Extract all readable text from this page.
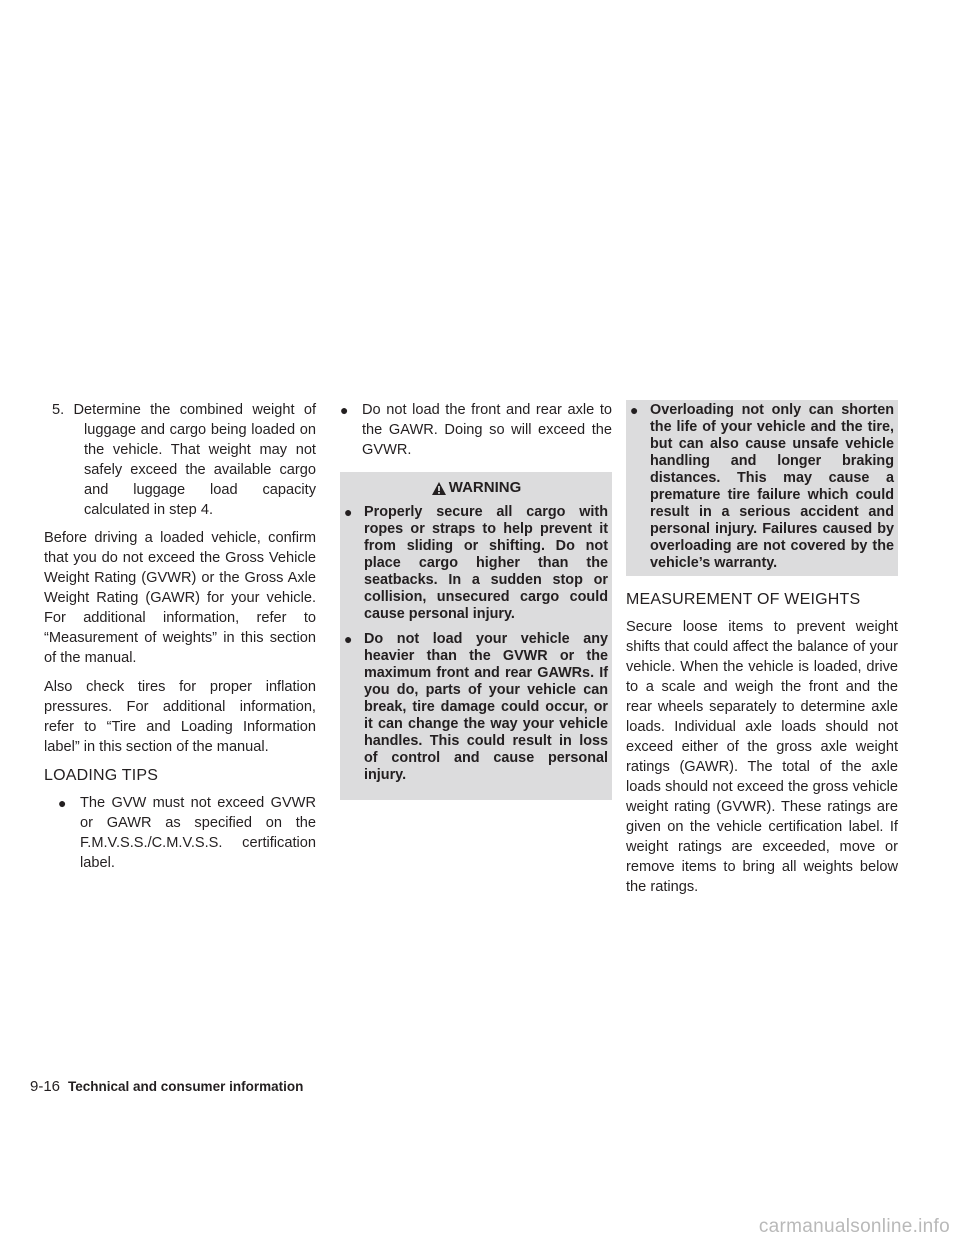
5. Determine the combined weight of luggage and cargo being loaded on the vehicle. That weight may not safely exceed the available cargo and luggage load capacity calculated in step 4.

Before driving a loaded vehicle, confirm that you do not exceed the Gross Vehicle Weight Rating (GVWR) or the Gross Axle Weight Rating (GAWR) for your vehicle. For additional information, refer to “Measurement of weights” in this section of the manual.

Also check tires for proper inflation pressures. For additional information, refer to “Tire and Loading Information label” in this section of the manual.

LOADING TIPS
● The GVW must not exceed GVWR or GAWR as specified on the F.M.V.S.S./C.M.V.S.S. certification label.
● Do not load the front and rear axle to the GAWR. Doing so will exceed the GVWR.
WARNING
● Properly secure all cargo with ropes or straps to help prevent it from sliding or shifting. Do not place cargo higher than the seatbacks. In a sudden stop or collision, unsecured cargo could cause personal injury.
● Do not load your vehicle any heavier than the GVWR or the maximum front and rear GAWRs. If you do, parts of your vehicle can break, tire damage could occur, or it can change the way your vehicle handles. This could result in loss of control and cause personal injury.
● Overloading not only can shorten the life of your vehicle and the tire, but can also cause unsafe vehicle handling and longer braking distances. This may cause a premature tire failure which could result in a serious accident and personal injury. Failures caused by overloading are not covered by the vehicle’s warranty.
MEASUREMENT OF WEIGHTS

Secure loose items to prevent weight shifts that could affect the balance of your vehicle. When the vehicle is loaded, drive to a scale and weigh the front and the rear wheels separately to determine axle loads. Individual axle loads should not exceed either of the gross axle weight ratings (GAWR). The total of the axle loads should not exceed the gross vehicle weight rating (GVWR). These ratings are given on the vehicle certification label. If weight ratings are exceeded, move or remove items to bring all weights below the ratings.

9-16 Technical and consumer information
carmanualsonline.info
